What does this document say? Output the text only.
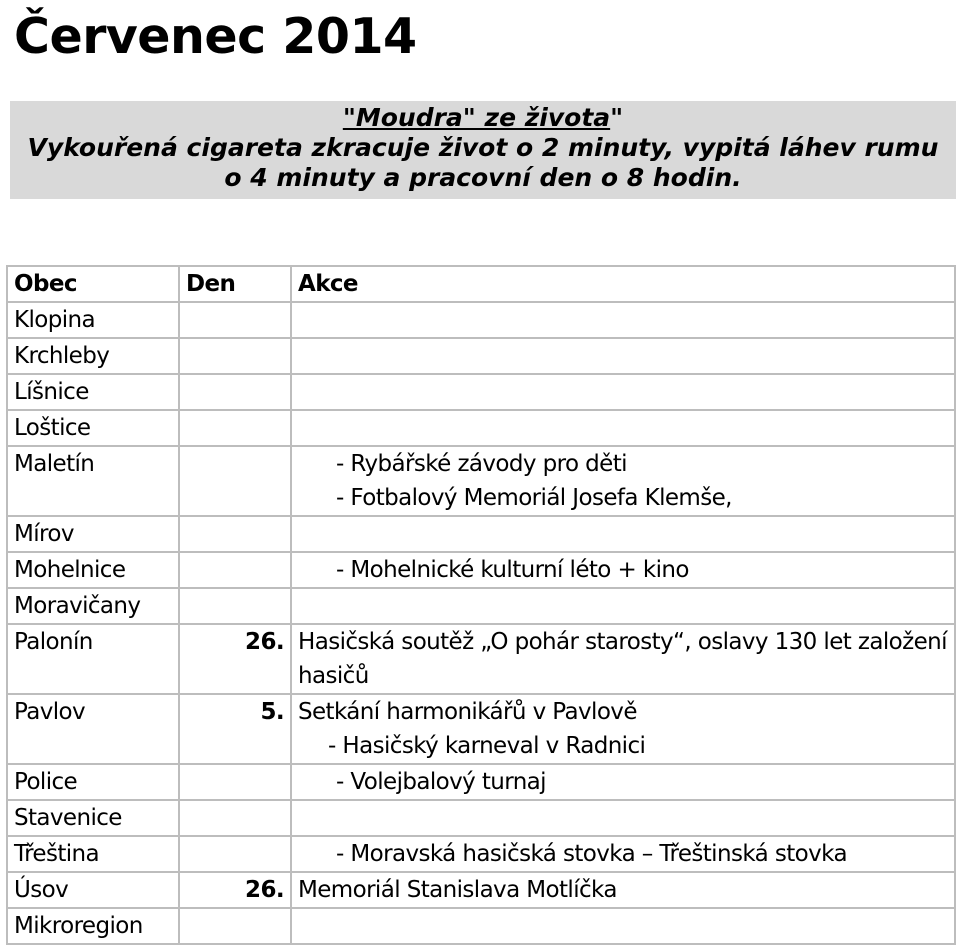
Červenec 2014
"Moudra" ze života"
Vykouřená cigareta zkracuje život o 2 minuty, vypitá láhev rumu o 4 minuty a pracovní den o 8 hodin.
Obec	Den	Akce
Klopina		
Krchleby		
Líšnice		
Loštice		
Maletín		- Rybářské závody pro děti
- Fotbalový Memoriál Josefa Klemše,

Mírov		
Mohelnice		- Mohelnické kulturní léto + kino

Moravičany		
Palonín	26.	Hasičská soutěž „O pohár starosty“, oslavy 130 let založení hasičů

Pavlov	5.	Setkání harmonikářů v Pavlově
- Hasičský karneval v Radnici

Police		- Volejbalový turnaj

Stavenice		
Třeština		- Moravská hasičská stovka – Třeštinská stovka

Úsov	26.	Memoriál Stanislava Motlíčka

Mikroregion		
